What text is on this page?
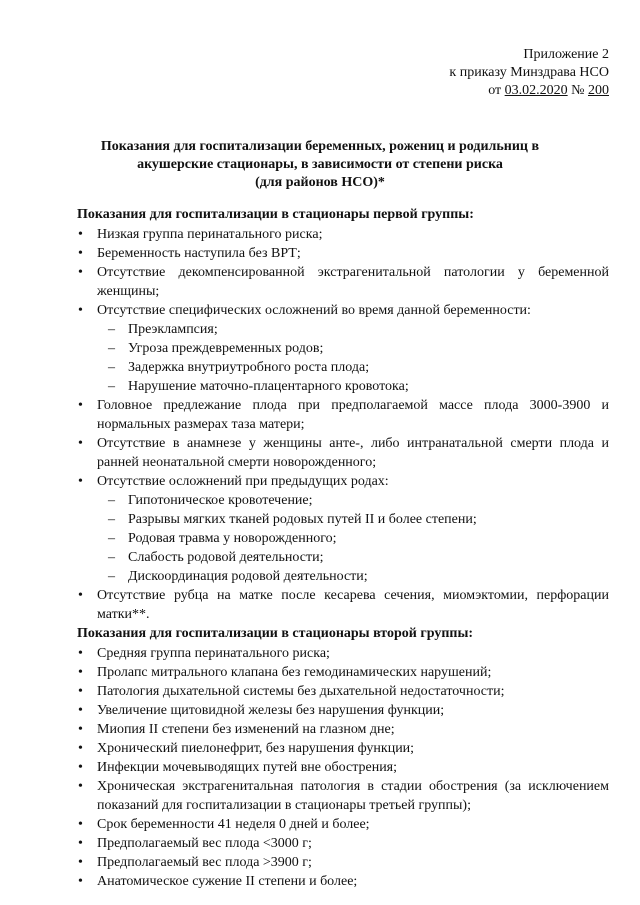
Приложение 2
к приказу Минздрава НСО
от 03.02.2020 № 200
Показания для госпитализации беременных, рожениц и родильниц в
акушерские стационары, в зависимости от степени риска
(для районов НСО)*
Показания для госпитализации в стационары первой группы:
• Низкая группа перинатального риска;
• Беременность наступила без ВРТ;
• Отсутствие декомпенсированной экстрагенитальной патологии у беременной женщины;
• Отсутствие специфических осложнений во время данной беременности:
– Преэклампсия;
– Угроза преждевременных родов;
– Задержка внутриутробного роста плода;
– Нарушение маточно-плацентарного кровотока;
• Головное предлежание плода при предполагаемой массе плода 3000-3900 и нормальных размерах таза матери;
• Отсутствие в анамнезе у женщины анте-, либо интранатальной смерти плода и ранней неонатальной смерти новорожденного;
• Отсутствие осложнений при предыдущих родах:
– Гипотоническое кровотечение;
– Разрывы мягких тканей родовых путей II и более степени;
– Родовая травма у новорожденного;
– Слабость родовой деятельности;
– Дискоординация родовой деятельности;
• Отсутствие рубца на матке после кесарева сечения, миомэктомии, перфорации матки**.
Показания для госпитализации в стационары второй группы:
• Средняя группа перинатального риска;
• Пролапс митрального клапана без гемодинамических нарушений;
• Патология дыхательной системы без дыхательной недостаточности;
• Увеличение щитовидной железы без нарушения функции;
• Миопия II степени без изменений на глазном дне;
• Хронический пиелонефрит, без нарушения функции;
• Инфекции мочевыводящих путей вне обострения;
• Хроническая экстрагенитальная патология в стадии обострения (за исключением показаний для госпитализации в стационары третьей группы);
• Срок беременности 41 неделя 0 дней и более;
• Предполагаемый вес плода <3000 г;
• Предполагаемый вес плода >3900 г;
• Анатомическое сужение II степени и более;
